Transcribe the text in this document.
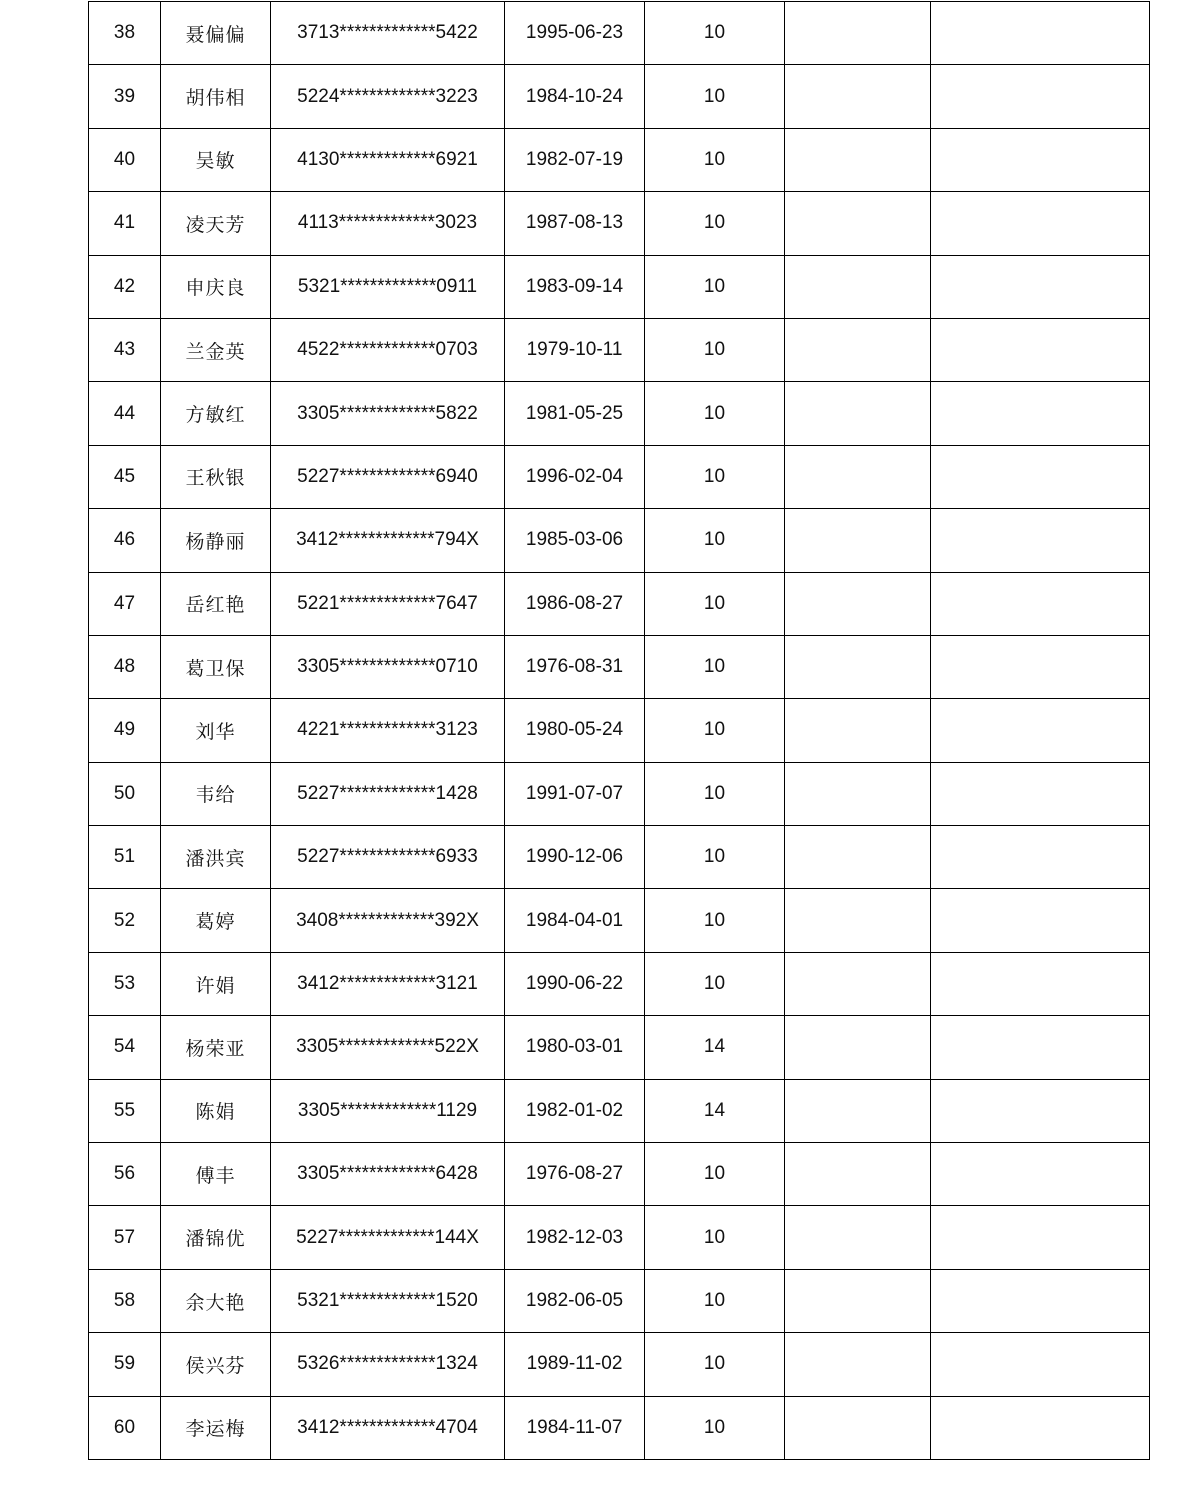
38	聂偏偏	3713*************5422	1995-06-23	10		
39	胡伟相	5224*************3223	1984-10-24	10		
40	吴敏	4130*************6921	1982-07-19	10		
41	凌天芳	4113*************3023	1987-08-13	10		
42	申庆良	5321*************0911	1983-09-14	10		
43	兰金英	4522*************0703	1979-10-11	10		
44	方敏红	3305*************5822	1981-05-25	10		
45	王秋银	5227*************6940	1996-02-04	10		
46	杨静丽	3412*************794X	1985-03-06	10		
47	岳红艳	5221*************7647	1986-08-27	10		
48	葛卫保	3305*************0710	1976-08-31	10		
49	刘华	4221*************3123	1980-05-24	10		
50	韦给	5227*************1428	1991-07-07	10		
51	潘洪宾	5227*************6933	1990-12-06	10		
52	葛婷	3408*************392X	1984-04-01	10		
53	许娟	3412*************3121	1990-06-22	10		
54	杨荣亚	3305*************522X	1980-03-01	14		
55	陈娟	3305*************1129	1982-01-02	14		
56	傅丰	3305*************6428	1976-08-27	10		
57	潘锦优	5227*************144X	1982-12-03	10		
58	余大艳	5321*************1520	1982-06-05	10		
59	侯兴芬	5326*************1324	1989-11-02	10		
60	李运梅	3412*************4704	1984-11-07	10		
